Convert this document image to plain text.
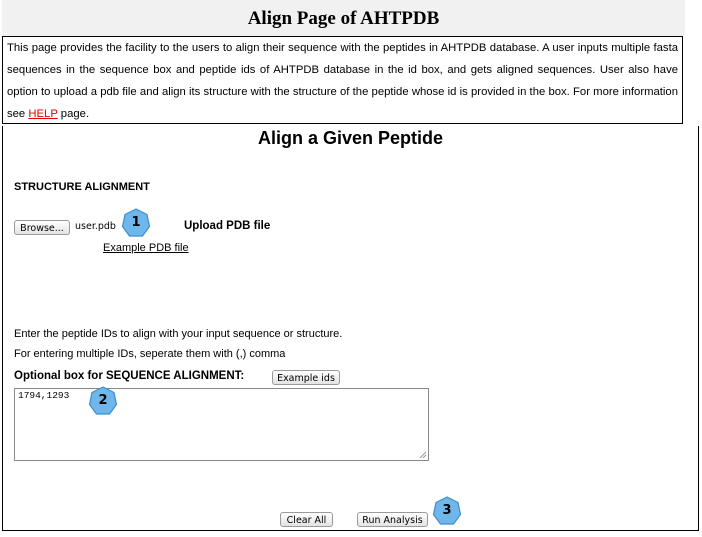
Align Page of AHTPDB
This page provides the facility to the users to align their sequence with the peptides in AHTPDB database. A user inputs multiple fasta sequences in the sequence box and peptide ids of AHTPDB database in the id box, and gets aligned sequences. User also have option to upload a pdb file and align its structure with the structure of the peptide whose id is provided in the box. For more information see HELP page.
Align a Given Peptide
STRUCTURE ALIGNMENT
Browse...	user.pdb	Upload PDB file
Example PDB file
Enter the peptide IDs to align with your input sequence or structure.
For entering multiple IDs, seperate them with (,) comma
Optional box for SEQUENCE ALIGNMENT:	Example ids
1794,1293
Clear All	Run Analysis
1
2
3
